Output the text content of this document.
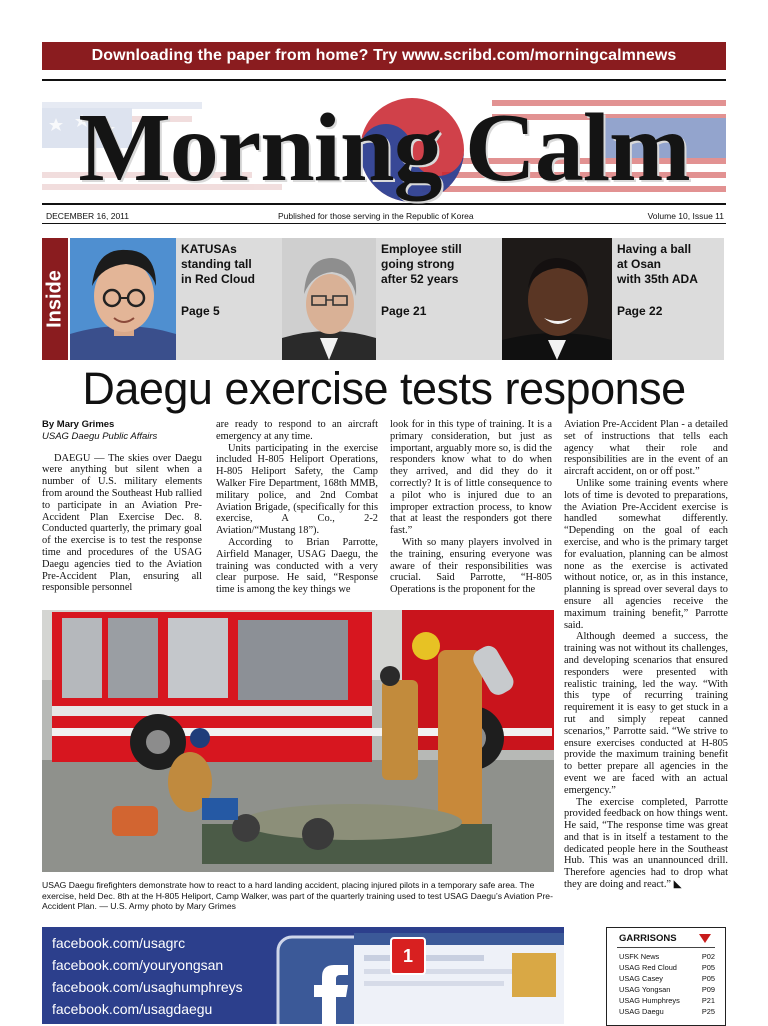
Downloading the paper from home? Try www.scribd.com/morningcalmnews
Morning Calm
DECEMBER 16, 2011	Published for those serving in the Republic of Korea	Volume 10, Issue 11
Inside
KATUSAs
standing tall
in Red Cloud
Page 5
Employee still
going strong
after 52 years
Page 21
Having a ball
at Osan
with 35th ADA
Page 22
Daegu exercise tests response
By Mary Grimes
USAG Daegu Public Affairs

DAEGU — The skies over Daegu were anything but silent when a number of U.S. military elements from around the Southeast Hub rallied to participate in an Aviation Pre-Accident Plan Exercise Dec. 8. Conducted quarterly, the primary goal of the exercise is to test the response time and procedures of the USAG Daegu agencies tied to the Aviation Pre-Accident Plan, ensuring all responsible personnel

are ready to respond to an aircraft emergency at any time.

Units participating in the exercise included H-805 Heliport Operations, H-805 Heliport Safety, the Camp Walker Fire Department, 168th MMB, military police, and 2nd Combat Aviation Brigade, (specifically for this exercise, A Co., 2-2 Aviation/“Mustang 18”).

According to Brian Parrotte, Airfield Manager, USAG Daegu, the training was conducted with a very clear purpose. He said, “Response time is among the key things we

look for in this type of training. It is a primary consideration, but just as important, arguably more so, is did the responders know what to do when they arrived, and did they do it correctly? It is of little consequence to a pilot who is injured due to an improper extraction process, to know that at least the responders got there fast.”

With so many players involved in the training, ensuring everyone was aware of their responsibilities was crucial. Said Parrotte, “H-805 Operations is the proponent for the

Aviation Pre-Accident Plan - a detailed set of instructions that tells each agency what their role and responsibilities are in the event of an aircraft accident, on or off post.”

Unlike some training events where lots of time is devoted to preparations, the Aviation Pre-Accident exercise is handled somewhat differently. “Depending on the goal of each exercise, and who is the primary target for evaluation, planning can be almost none as the exercise is activated without notice, or, as in this instance, planning is spread over several days to ensure all agencies receive the maximum training benefit,” Parrotte said.

Although deemed a success, the training was not without its challenges, and developing scenarios that ensured responders were presented with realistic training, led the way. “With this type of recurring training requirement it is easy to get stuck in a rut and simply repeat canned scenarios,” Parrotte said. “We strive to ensure exercises conducted at H-805 provide the maximum training benefit to better prepare all agencies in the event we are faced with an actual emergency.”

The exercise completed, Parrotte provided feedback on how things went. He said, “The response time was great and that is in itself a testament to the dedicated people here in the Southeast Hub. This was an unannounced drill. Therefore agencies had to drop what they are doing and react.” ◣

USAG Daegu firefighters demonstrate how to react to a hard landing accident, placing injured pilots in a temporary safe area. The exercise, held Dec. 8th at the H-805 Heliport, Camp Walker, was part of the quarterly training used to test USAG Daegu’s Aviation Pre-Accident Plan. — U.S. Army photo by Mary Grimes
facebook.com/usagrc
facebook.com/youryongsan
facebook.com/usaghumphreys
facebook.com/usagdaegu
1
GARRISONS
USFK News	P02
USAG Red Cloud	P05
USAG Casey	P05
USAG Yongsan	P09
USAG Humphreys	P21
USAG Daegu	P25
